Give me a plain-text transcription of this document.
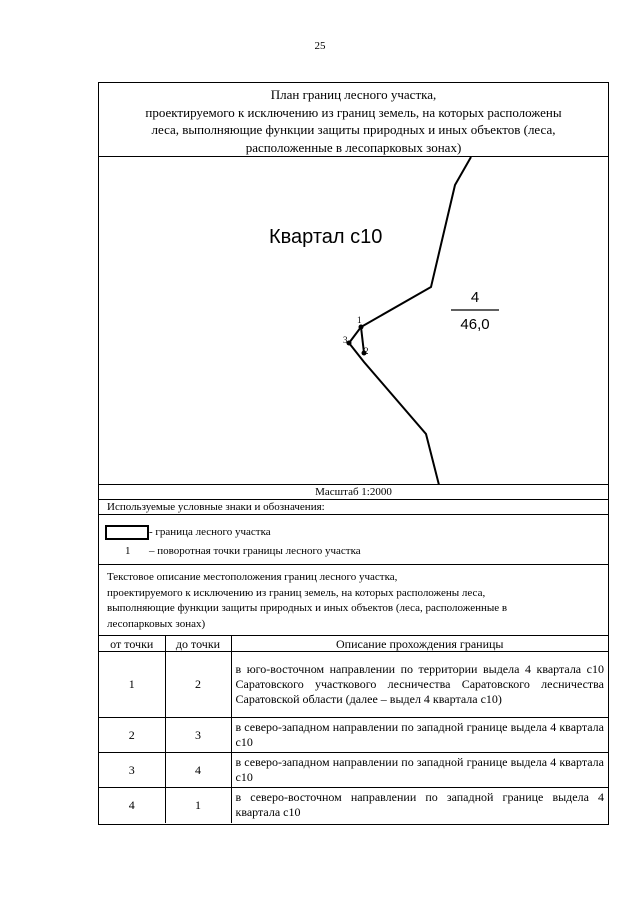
25
План границ лесного участка,
проектируемого к исключению из границ земель, на которых расположены
леса, выполняющие функции защиты природных и иных объектов (леса,
расположенные в лесопарковых зонах)
1
2
3
Квартал с10
4
46,0
Масштаб 1:2000
Используемые условные знаки и обозначения:
- граница лесного участка
1 – поворотная точки границы лесного участка
Текстовое описание местоположения границ лесного участка,
проектируемого к исключению из границ земель, на которых расположены леса,
выполняющие функции защиты природных и иных объектов (леса, расположенные в
лесопарковых зонах)
от точки	до точки	Описание прохождения границы
1	2	в юго-восточном направлении по территории выдела 4 квартала с10 Саратовского участкового лесничества Саратовского лесничества Саратовской области (далее – выдел 4 квартала с10)
2	3	в северо-западном направлении по западной границе выдела 4 квартала с10
3	4	в северо-западном направлении по западной границе выдела 4 квартала с10
4	1	в северо-восточном направлении по западной границе выдела 4 квартала с10
